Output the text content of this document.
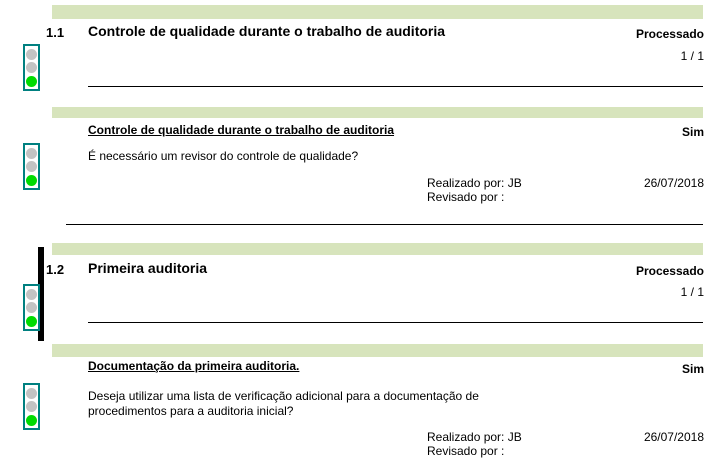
1.1 Controle de qualidade durante o trabalho de auditoria	Processado
1 / 1
Controle de qualidade durante o trabalho de auditoria	Sim
É necessário um revisor do controle de qualidade?
Realizado por: JB	26/07/2018
Revisado por :
1.2 Primeira auditoria	Processado
1 / 1
Documentação da primeira auditoria.	Sim
Deseja utilizar uma lista de verificação adicional para a documentação de
procedimentos para a auditoria inicial?
Realizado por: JB	26/07/2018
Revisado por :
